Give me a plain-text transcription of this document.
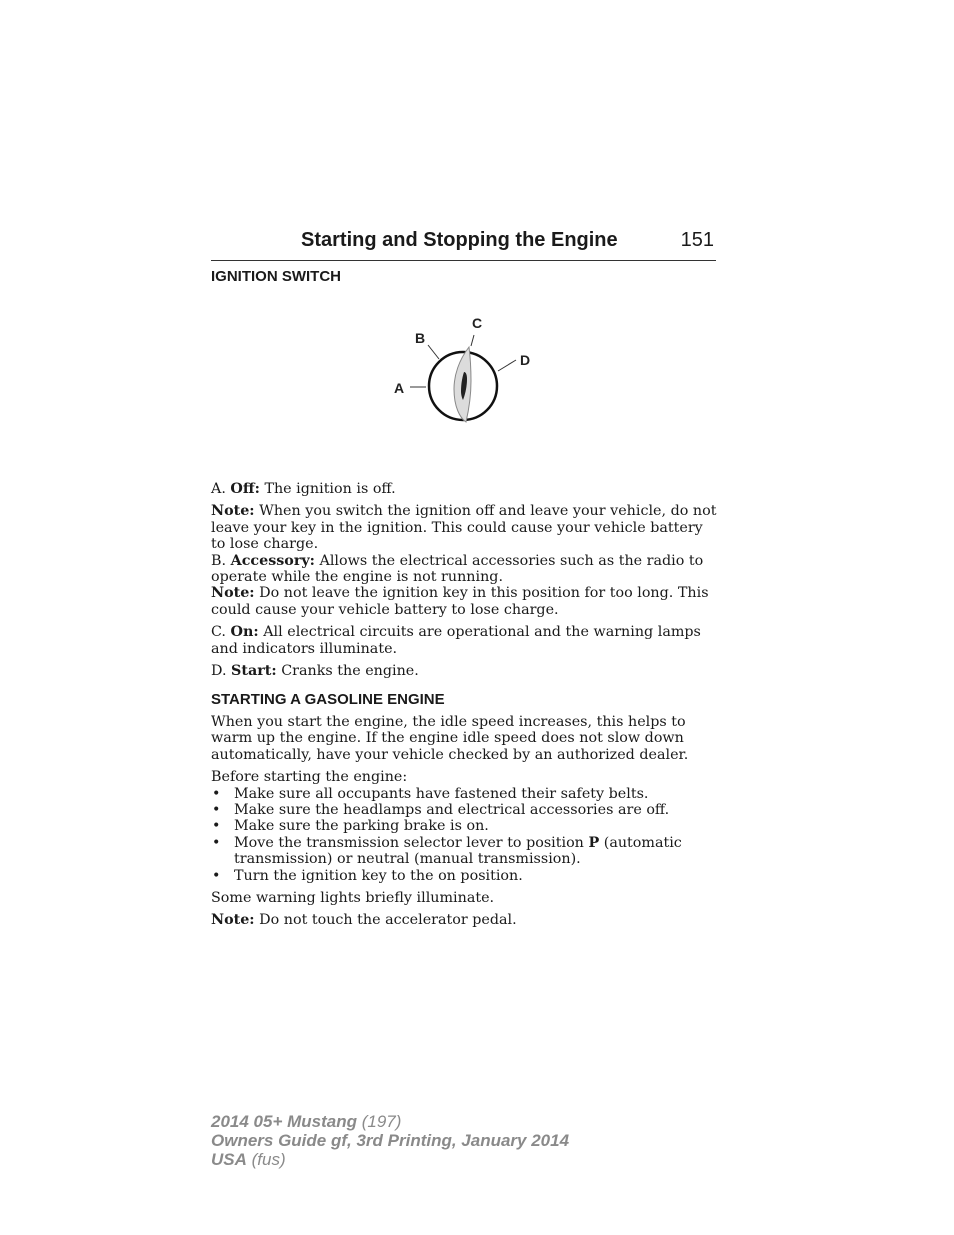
Starting and Stopping the Engine	151
IGNITION SWITCH
B
C
D
A

A. Off: The ignition is off.

Note: When you switch the ignition off and leave your vehicle, do not leave your key in the ignition. This could cause your vehicle battery to lose charge.

B. Accessory: Allows the electrical accessories such as the radio to operate while the engine is not running.

Note: Do not leave the ignition key in this position for too long. This could cause your vehicle battery to lose charge.

C. On: All electrical circuits are operational and the warning lamps and indicators illuminate.

D. Start: Cranks the engine.

STARTING A GASOLINE ENGINE

When you start the engine, the idle speed increases, this helps to warm up the engine. If the engine idle speed does not slow down automatically, have your vehicle checked by an authorized dealer.

Before starting the engine:

• Make sure all occupants have fastened their safety belts.
• Make sure the headlamps and electrical accessories are off.
• Make sure the parking brake is on.
• Move the transmission selector lever to position P (automatic transmission) or neutral (manual transmission).
• Turn the ignition key to the on position.

Some warning lights briefly illuminate.

Note: Do not touch the accelerator pedal.

2014 05+ Mustang (197)
Owners Guide gf, 3rd Printing, January 2014
USA (fus)
